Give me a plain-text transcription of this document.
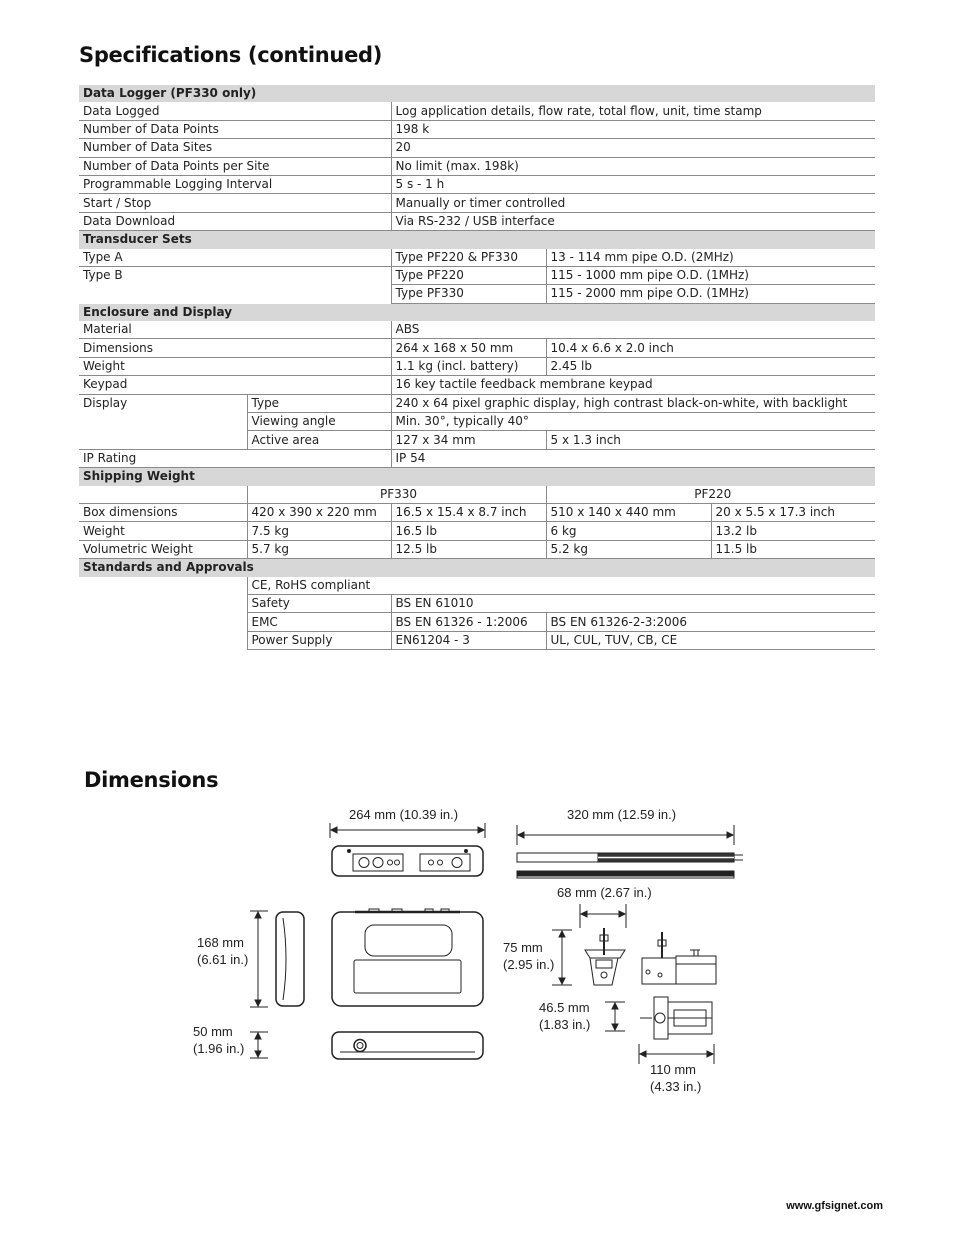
Specifications (continued)
Data Logger (PF330 only)				
Data Logged		Log application details, flow rate, total flow, unit, time stamp		
Number of Data Points		198 k		
Number of Data Sites		20		
Number of Data Points per Site		No limit (max. 198k)		
Programmable Logging Interval		5 s - 1 h		
Start / Stop		Manually or timer controlled		
Data Download		Via RS-232 / USB interface		
Transducer Sets				
Type A		Type PF220 & PF330	13 - 114 mm pipe O.D. (2MHz)	
Type B		Type PF220	115 - 1000 mm pipe O.D. (1MHz)	
		Type PF330	115 - 2000 mm pipe O.D. (1MHz)	
Enclosure and Display				
Material		ABS		
Dimensions		264 x 168 x 50 mm	10.4 x 6.6 x 2.0 inch	
Weight		1.1 kg (incl. battery)	2.45 lb	
Keypad		16 key tactile feedback membrane keypad		
Display	Type	240 x 64 pixel graphic display, high contrast black-on-white, with backlight		
	Viewing angle	Min. 30°, typically 40°		
	Active area	127 x 34 mm	5 x 1.3 inch	
IP Rating		IP 54		
Shipping Weight				
	PF330		PF220	
Box dimensions	420 x 390 x 220 mm	16.5 x 15.4 x 8.7 inch	510 x 140 x 440 mm	20 x 5.5 x 17.3 inch
Weight	7.5 kg	16.5 lb	6 kg	13.2 lb
Volumetric Weight	5.7 kg	12.5 lb	5.2 kg	11.5 lb
Standards and Approvals				
	CE, RoHS compliant			
	Safety	BS EN 61010		
	EMC	BS EN 61326 - 1:2006	BS EN 61326-2-3:2006	
	Power Supply	EN61204 - 3	UL, CUL, TUV, CB, CE	
Dimensions
264 mm (10.39 in.)	320 mm (12.59 in.)
68 mm (2.67 in.)
168 mm
(6.61 in.)
50 mm
(1.96 in.)
75 mm
(2.95 in.)
46.5 mm
(1.83 in.)
110 mm
(4.33 in.)
www.gfsignet.com
